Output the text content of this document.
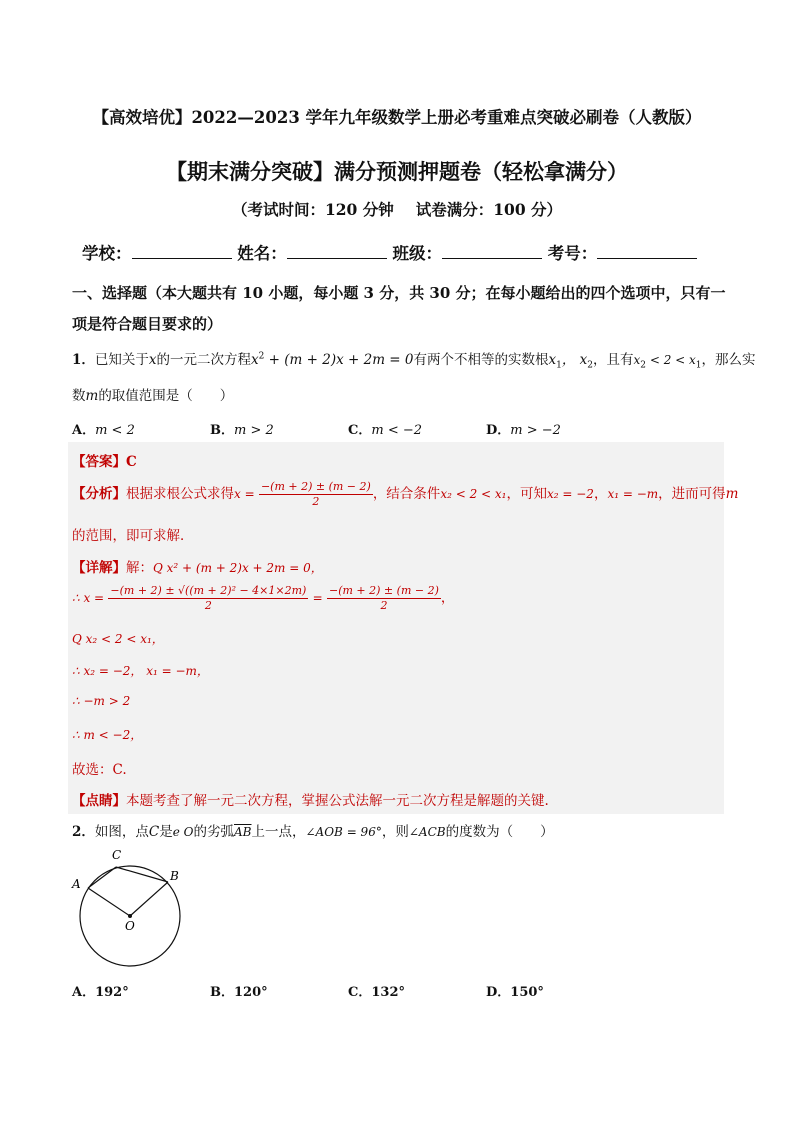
【高效培优】2022—2023 学年九年级数学上册必考重难点突破必刷卷（人教版）
【期末满分突破】满分预测押题卷（轻松拿满分）
（考试时间：120 分钟 试卷满分：100 分）
学校：	姓名：	班级：	考号：
一、选择题（本大题共有 10 小题，每小题 3 分，共 30 分；在每小题给出的四个选项中，只有一项是符合题目要求的）
1．已知关于x的一元二次方程$x^2 + (m + 2)x + 2m = 0$有两个不相等的实数根$x_1$， $x_2$，且有$x_2 < 2 < x_1$，那么实
数m的取值范围是（　　）
A．m < 2	B．m > 2	C．m < −2	D．m > −2
【答案】C
【分析】根据求根公式求得$x = \frac{-(m + 2) \pm (m - 2)}{2}$ ，结合条件x₂ < 2 < x₁，可知x₂ = −2，x₁ = −m，进而可得m
的范围，即可求解．
【详解】解：Q x² + (m + 2)x + 2m = 0，
∴ $x = \frac{\text{−(m + 2) ± √((m + 2)² − 4×1×2m)}}{2} = \frac{-(m + 2) \pm (m - 2)}{2}$ ，
Q x₂ < 2 < x₁，
∴ x₂ = −2， x₁ = −m，
∴ −m > 2
∴ m < −2，
故选：C.
【点睛】本题考查了解一元二次方程，掌握公式法解一元二次方程是解题的关键.
2．如图，点C是e O的劣弧$\overline{AB}$上一点，∠AOB = 96°，则∠ACB的度数为（　　）
A
C
B
O
A．192°	B．120°	C．132°	D．150°
